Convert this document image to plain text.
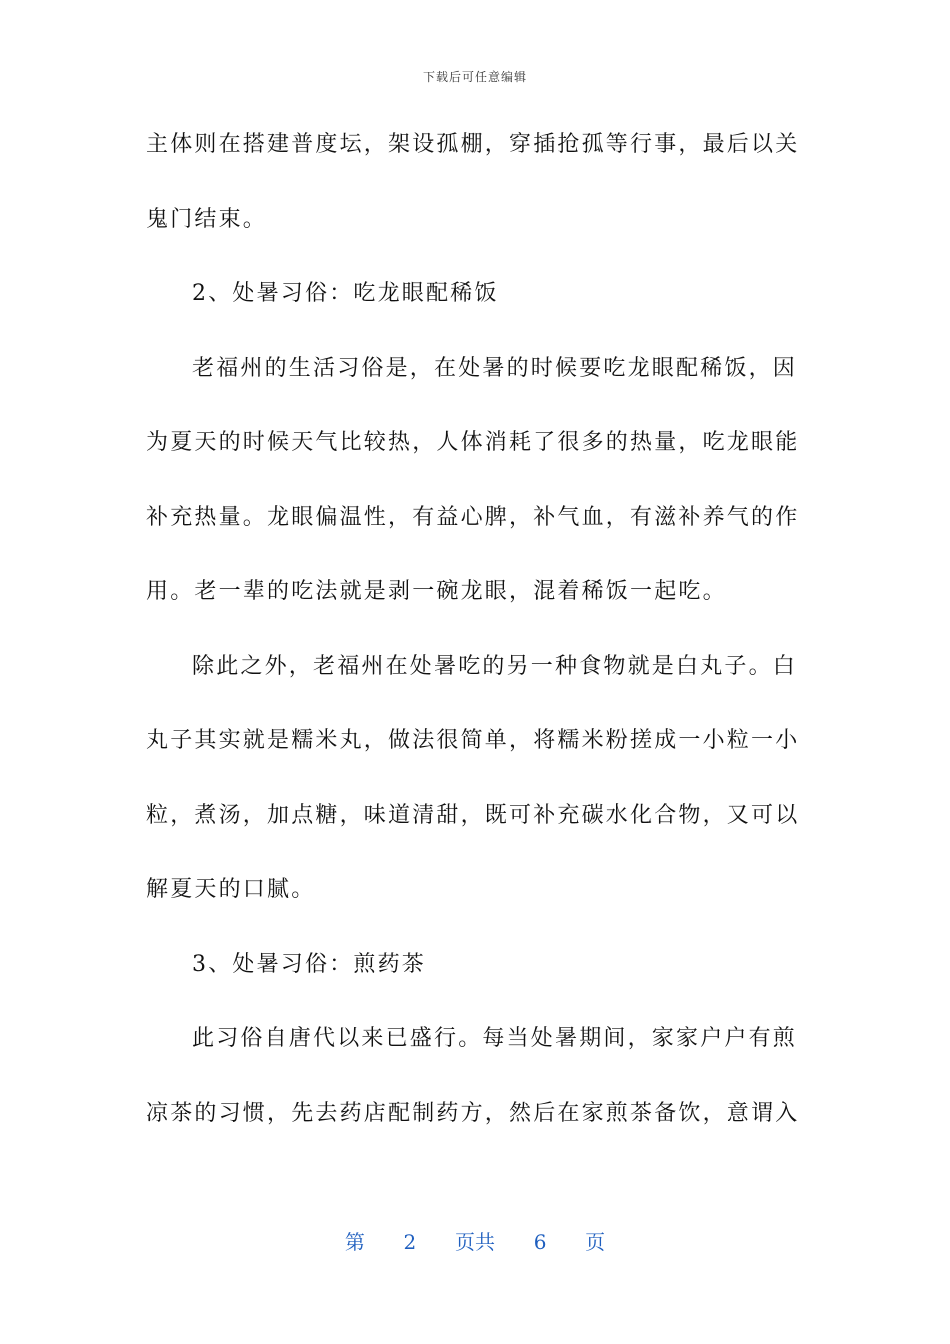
下载后可任意编辑
主体则在搭建普度坛，架设孤棚，穿插抢孤等行事，最后以关
鬼门结束。
2、处暑习俗：吃龙眼配稀饭
老福州的生活习俗是，在处暑的时候要吃龙眼配稀饭，因
为夏天的时候天气比较热，人体消耗了很多的热量，吃龙眼能
补充热量。龙眼偏温性，有益心脾，补气血，有滋补养气的作
用。老一辈的吃法就是剥一碗龙眼，混着稀饭一起吃。
除此之外，老福州在处暑吃的另一种食物就是白丸子。白
丸子其实就是糯米丸，做法很简单，将糯米粉搓成一小粒一小
粒，煮汤，加点糖，味道清甜，既可补充碳水化合物，又可以
解夏天的口腻。
3、处暑习俗：煎药茶
此习俗自唐代以来已盛行。每当处暑期间，家家户户有煎
凉茶的习惯，先去药店配制药方，然后在家煎茶备饮，意谓入
第 2 页共 6 页
